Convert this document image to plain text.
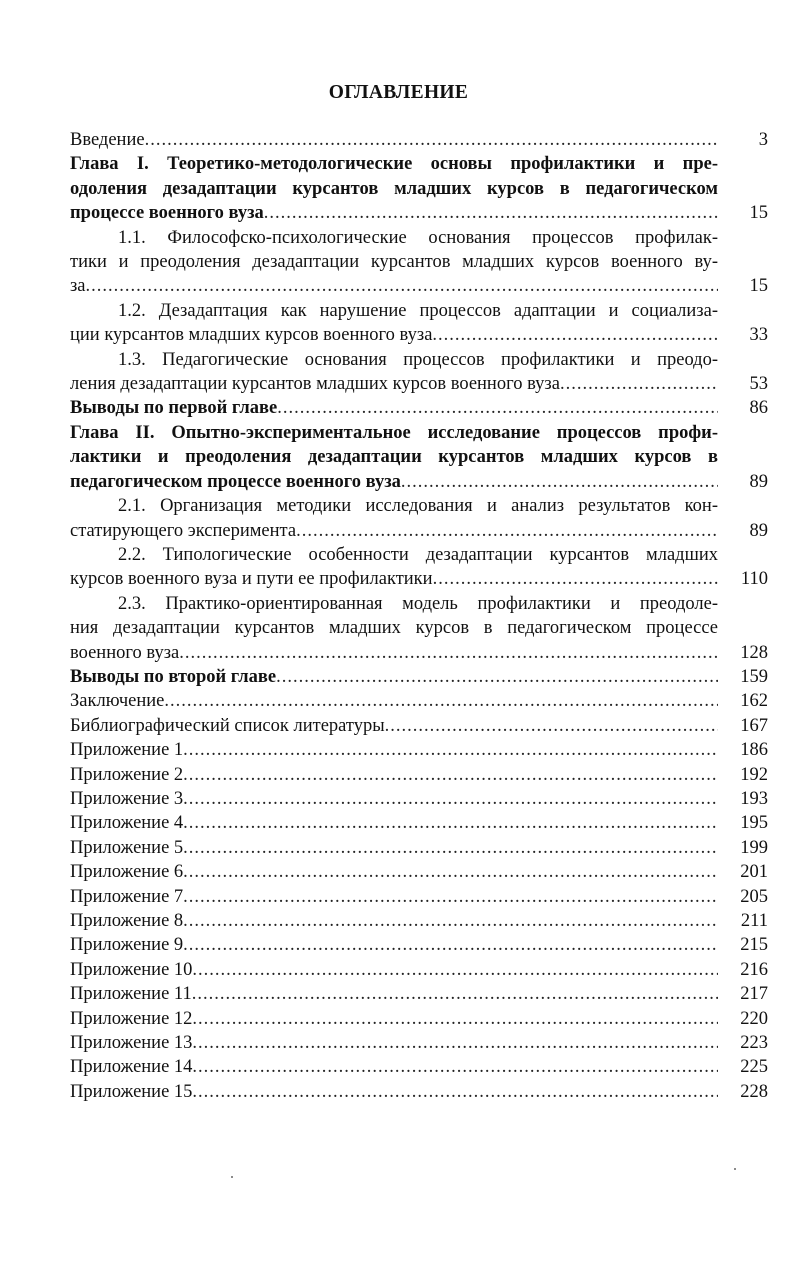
ОГЛАВЛЕНИЕ
Введение .....	3
Глава I. Теоретико-методологические основы профилактики и пре-
одоления дезадаптации курсантов младших курсов в педагогическом
процессе военного вуза .....	15
1.1. Философско-психологические основания процессов профилак-
тики и преодоления дезадаптации курсантов младших курсов военного ву-
за .....	15
1.2. Дезадаптация как нарушение процессов адаптации и социализа-
ции курсантов младших курсов военного вуза .....	33
1.3. Педагогические основания процессов профилактики и преодо-
ления дезадаптации курсантов младших курсов военного вуза .....	53
Выводы по первой главе .....	86
Глава II. Опытно-экспериментальное исследование процессов профи-
лактики и преодоления дезадаптации курсантов младших курсов в
педагогическом процессе военного вуза .....	89
2.1. Организация методики исследования и анализ результатов кон-
статирующего эксперимента .....	89
2.2. Типологические особенности дезадаптации курсантов младших
курсов военного вуза и пути ее профилактики .....	110
2.3. Практико-ориентированная модель профилактики и преодоле-
ния дезадаптации курсантов младших курсов в педагогическом процессе
военного вуза .....	128
Выводы по второй главе .....	159
Заключение .....	162
Библиографический список литературы .....	167
Приложение 1 .....	186
Приложение 2 .....	192
Приложение 3 .....	193
Приложение 4 .....	195
Приложение 5 .....	199
Приложение 6 .....	201
Приложение 7 .....	205
Приложение 8 .....	211
Приложение 9 .....	215
Приложение 10 .....	216
Приложение 11 .....	217
Приложение 12 .....	220
Приложение 13 .....	223
Приложение 14 .....	225
Приложение 15 .....	228
